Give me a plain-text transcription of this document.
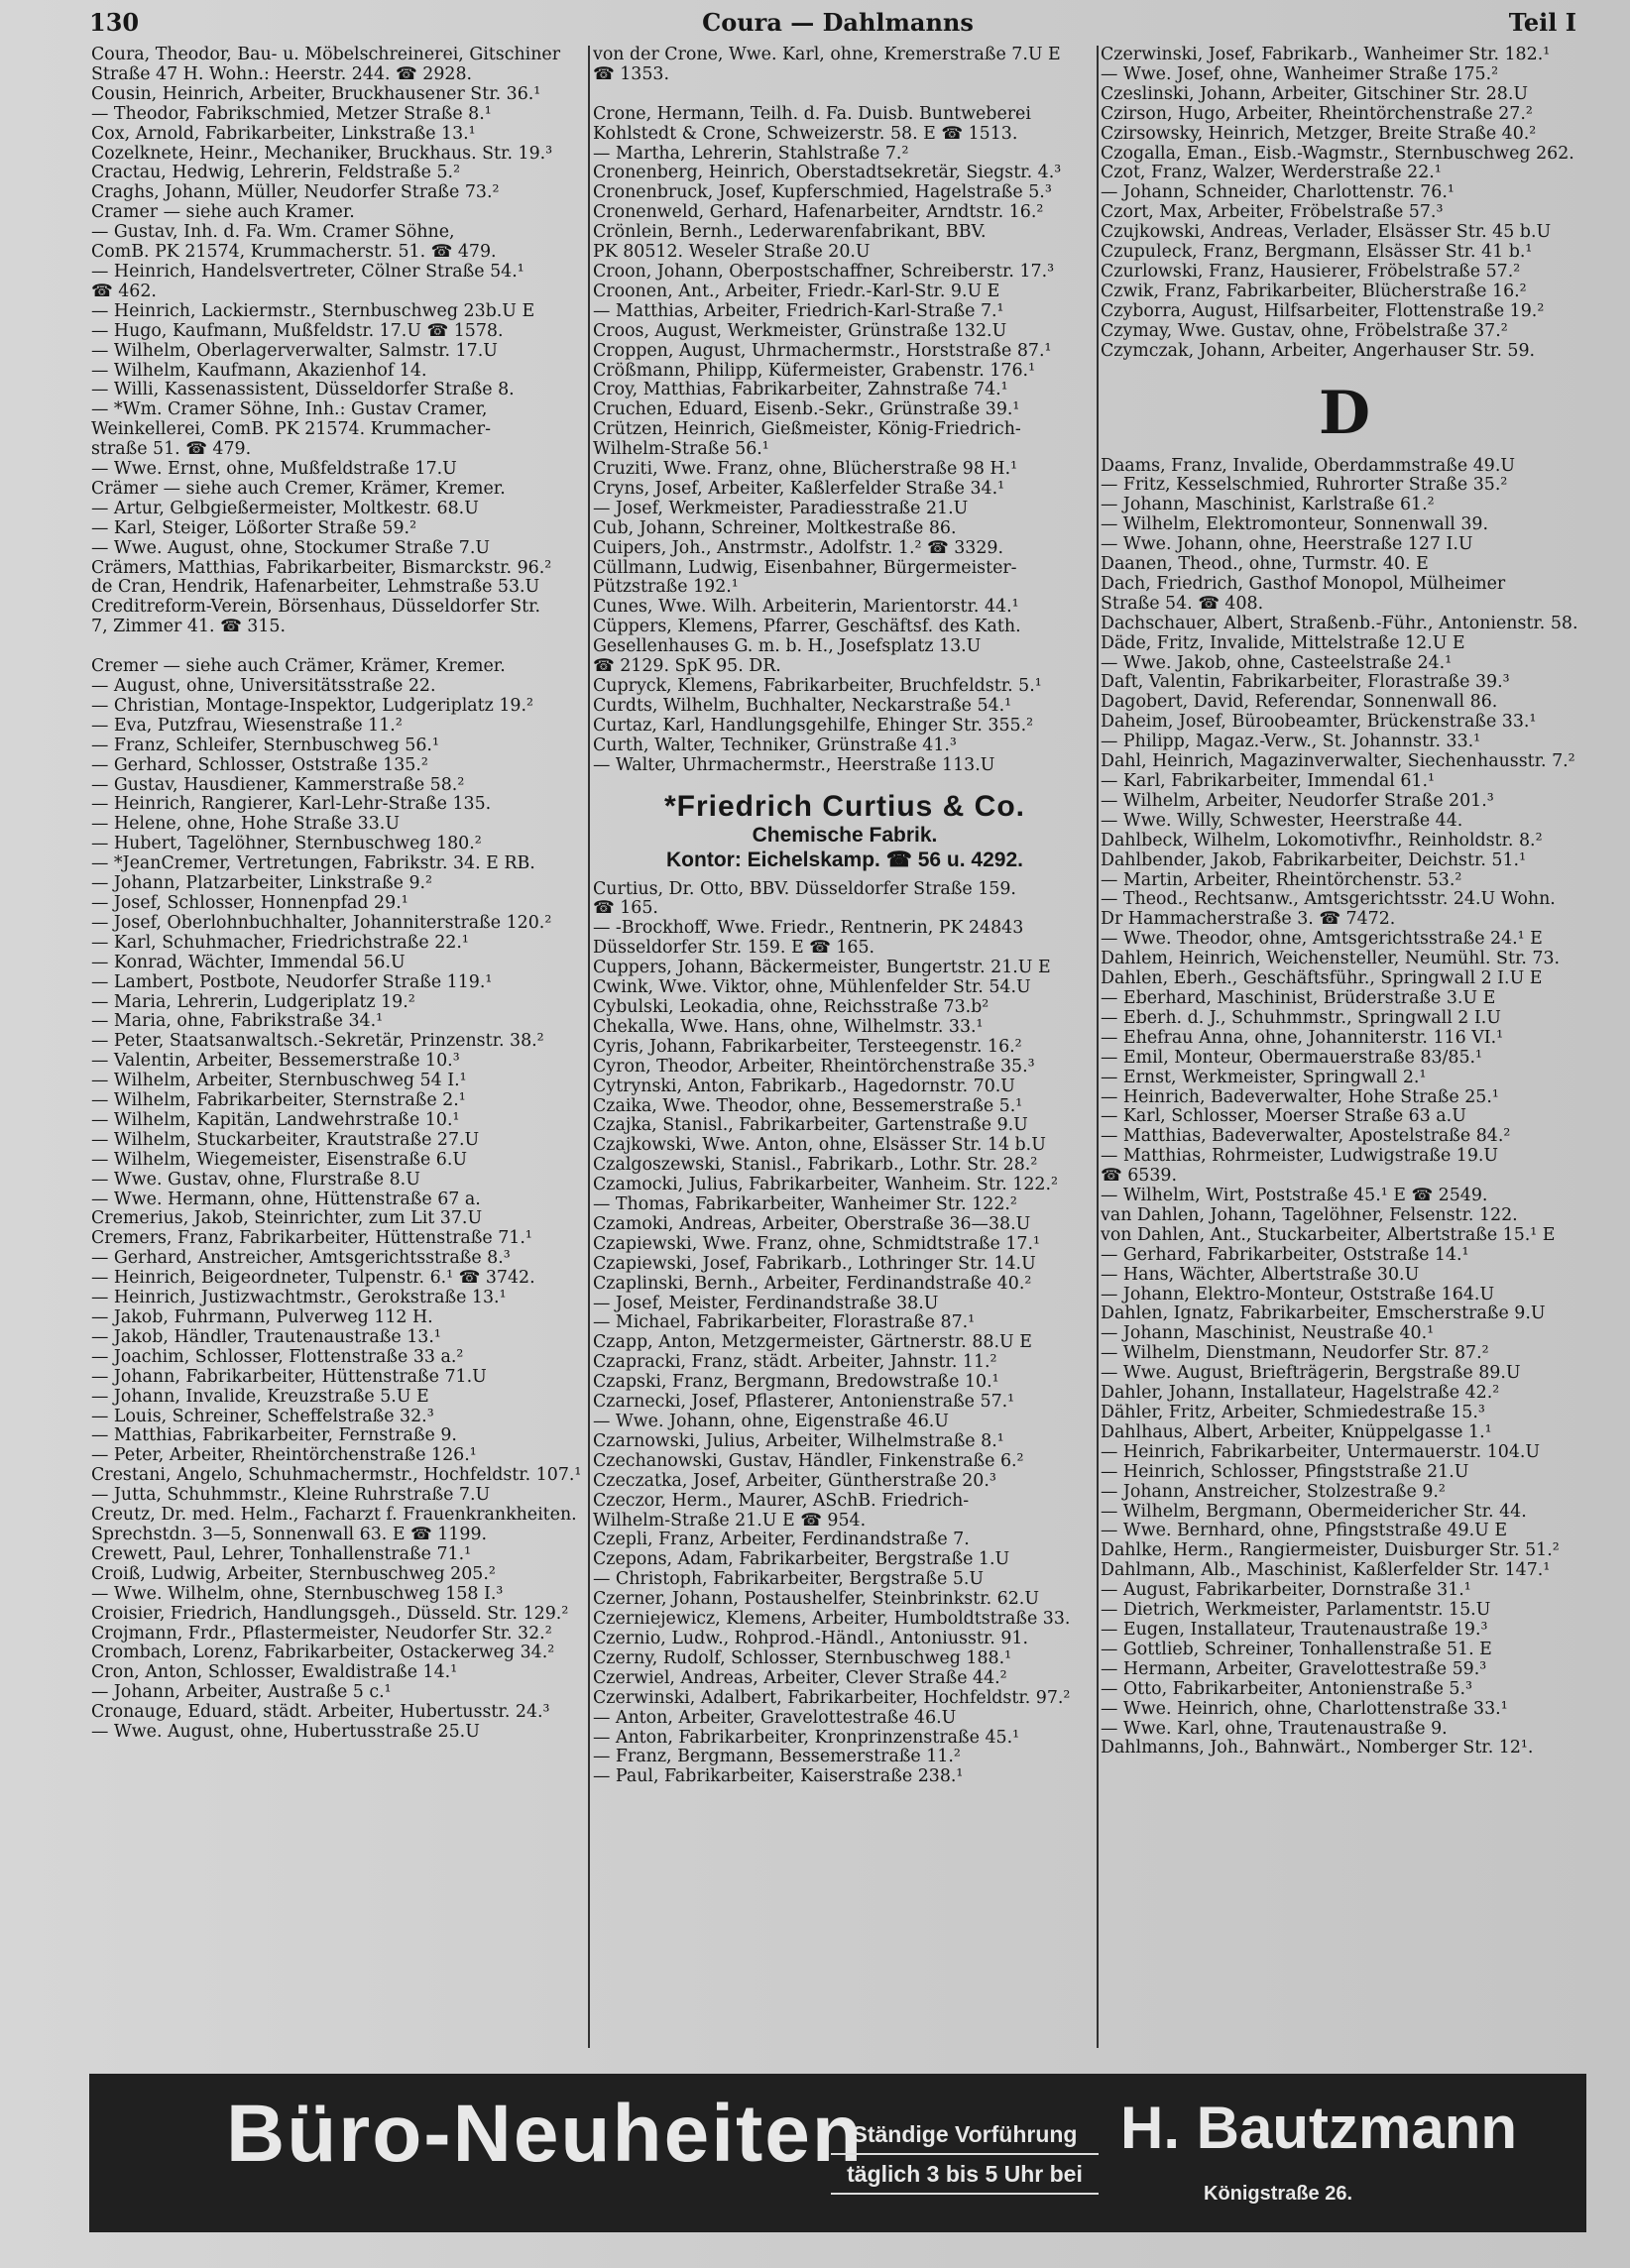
130	Coura — Dahlmanns	Teil I
Coura, Theodor, Bau- u. Möbelschreinerei, Gitschiner
Straße 47 H. Wohn.: Heerstr. 244. ☎ 2928.
Cousin, Heinrich, Arbeiter, Bruckhausener Str. 36.¹
— Theodor, Fabrikschmied, Metzer Straße 8.¹
Cox, Arnold, Fabrikarbeiter, Linkstraße 13.¹
Cozelknete, Heinr., Mechaniker, Bruckhaus. Str. 19.³
Cractau, Hedwig, Lehrerin, Feldstraße 5.²
Craghs, Johann, Müller, Neudorfer Straße 73.²
Cramer — siehe auch Kramer.
— Gustav, Inh. d. Fa. Wm. Cramer Söhne,
ComB. PK 21574, Krummacherstr. 51. ☎ 479.
— Heinrich, Handelsvertreter, Cölner Straße 54.¹
☎ 462.
— Heinrich, Lackiermstr., Sternbuschweg 23b.U E
— Hugo, Kaufmann, Mußfeldstr. 17.U ☎ 1578.
— Wilhelm, Oberlagerverwalter, Salmstr. 17.U
— Wilhelm, Kaufmann, Akazienhof 14.
— Willi, Kassenassistent, Düsseldorfer Straße 8.
— *Wm. Cramer Söhne, Inh.: Gustav Cramer,
Weinkellerei, ComB. PK 21574. Krummacher-
straße 51. ☎ 479.
— Wwe. Ernst, ohne, Mußfeldstraße 17.U
Crämer — siehe auch Cremer, Krämer, Kremer.
— Artur, Gelbgießermeister, Moltkestr. 68.U
— Karl, Steiger, Lößorter Straße 59.²
— Wwe. August, ohne, Stockumer Straße 7.U
Crämers, Matthias, Fabrikarbeiter, Bismarckstr. 96.²
de Cran, Hendrik, Hafenarbeiter, Lehmstraße 53.U
Creditreform-Verein, Börsenhaus, Düsseldorfer Str.
7, Zimmer 41. ☎ 315.

Cremer — siehe auch Crämer, Krämer, Kremer.
— August, ohne, Universitätsstraße 22.
— Christian, Montage-Inspektor, Ludgeriplatz 19.²
— Eva, Putzfrau, Wiesenstraße 11.²
— Franz, Schleifer, Sternbuschweg 56.¹
— Gerhard, Schlosser, Oststraße 135.²
— Gustav, Hausdiener, Kammerstraße 58.²
— Heinrich, Rangierer, Karl-Lehr-Straße 135.
— Helene, ohne, Hohe Straße 33.U
— Hubert, Tagelöhner, Sternbuschweg 180.²
— *JeanCremer, Vertretungen, Fabrikstr. 34. E RB.
— Johann, Platzarbeiter, Linkstraße 9.²
— Josef, Schlosser, Honnenpfad 29.¹
— Josef, Oberlohnbuchhalter, Johanniterstraße 120.²
— Karl, Schuhmacher, Friedrichstraße 22.¹
— Konrad, Wächter, Immendal 56.U
— Lambert, Postbote, Neudorfer Straße 119.¹
— Maria, Lehrerin, Ludgeriplatz 19.²
— Maria, ohne, Fabrikstraße 34.¹
— Peter, Staatsanwaltsch.-Sekretär, Prinzenstr. 38.²
— Valentin, Arbeiter, Bessemerstraße 10.³
— Wilhelm, Arbeiter, Sternbuschweg 54 I.¹
— Wilhelm, Fabrikarbeiter, Sternstraße 2.¹
— Wilhelm, Kapitän, Landwehrstraße 10.¹
— Wilhelm, Stuckarbeiter, Krautstraße 27.U
— Wilhelm, Wiegemeister, Eisenstraße 6.U
— Wwe. Gustav, ohne, Flurstraße 8.U
— Wwe. Hermann, ohne, Hüttenstraße 67 a.
Cremerius, Jakob, Steinrichter, zum Lit 37.U
Cremers, Franz, Fabrikarbeiter, Hüttenstraße 71.¹
— Gerhard, Anstreicher, Amtsgerichtsstraße 8.³
— Heinrich, Beigeordneter, Tulpenstr. 6.¹ ☎ 3742.
— Heinrich, Justizwachtmstr., Gerokstraße 13.¹
— Jakob, Fuhrmann, Pulverweg 112 H.
— Jakob, Händler, Trautenaustraße 13.¹
— Joachim, Schlosser, Flottenstraße 33 a.²
— Johann, Fabrikarbeiter, Hüttenstraße 71.U
— Johann, Invalide, Kreuzstraße 5.U E
— Louis, Schreiner, Scheffelstraße 32.³
— Matthias, Fabrikarbeiter, Fernstraße 9.
— Peter, Arbeiter, Rheintörchenstraße 126.¹
Crestani, Angelo, Schuhmachermstr., Hochfeldstr. 107.¹
— Jutta, Schuhmmstr., Kleine Ruhrstraße 7.U
Creutz, Dr. med. Helm., Facharzt f. Frauenkrankheiten.
Sprechstdn. 3—5, Sonnenwall 63. E ☎ 1199.
Crewett, Paul, Lehrer, Tonhallenstraße 71.¹
Croiß, Ludwig, Arbeiter, Sternbuschweg 205.²
— Wwe. Wilhelm, ohne, Sternbuschweg 158 I.³
Croisier, Friedrich, Handlungsgeh., Düsseld. Str. 129.²
Crojmann, Frdr., Pflastermeister, Neudorfer Str. 32.²
Crombach, Lorenz, Fabrikarbeiter, Ostackerweg 34.²
Cron, Anton, Schlosser, Ewaldistraße 14.¹
— Johann, Arbeiter, Austraße 5 c.¹
Cronauge, Eduard, städt. Arbeiter, Hubertusstr. 24.³
— Wwe. August, ohne, Hubertusstraße 25.U
von der Crone, Wwe. Karl, ohne, Kremerstraße 7.U E
☎ 1353.

Crone, Hermann, Teilh. d. Fa. Duisb. Buntweberei
Kohlstedt & Crone, Schweizerstr. 58. E ☎ 1513.
— Martha, Lehrerin, Stahlstraße 7.²
Cronenberg, Heinrich, Oberstadtsekretär, Siegstr. 4.³
Cronenbruck, Josef, Kupferschmied, Hagelstraße 5.³
Cronenweld, Gerhard, Hafenarbeiter, Arndtstr. 16.²
Crönlein, Bernh., Lederwarenfabrikant, BBV.
PK 80512. Weseler Straße 20.U
Croon, Johann, Oberpostschaffner, Schreiberstr. 17.³
Croonen, Ant., Arbeiter, Friedr.-Karl-Str. 9.U E
— Matthias, Arbeiter, Friedrich-Karl-Straße 7.¹
Croos, August, Werkmeister, Grünstraße 132.U
Croppen, August, Uhrmachermstr., Horststraße 87.¹
Crößmann, Philipp, Küfermeister, Grabenstr. 176.¹
Croy, Matthias, Fabrikarbeiter, Zahnstraße 74.¹
Cruchen, Eduard, Eisenb.-Sekr., Grünstraße 39.¹
Crützen, Heinrich, Gießmeister, König-Friedrich-
Wilhelm-Straße 56.¹
Cruziti, Wwe. Franz, ohne, Blücherstraße 98 H.¹
Cryns, Josef, Arbeiter, Kaßlerfelder Straße 34.¹
— Josef, Werkmeister, Paradiesstraße 21.U
Cub, Johann, Schreiner, Moltkestraße 86.
Cuipers, Joh., Anstrmstr., Adolfstr. 1.² ☎ 3329.
Cüllmann, Ludwig, Eisenbahner, Bürgermeister-
Pützstraße 192.¹
Cunes, Wwe. Wilh. Arbeiterin, Marientorstr. 44.¹
Cüppers, Klemens, Pfarrer, Geschäftsf. des Kath.
Gesellenhauses G. m. b. H., Josefsplatz 13.U
☎ 2129. SpK 95. DR.
Cupryck, Klemens, Fabrikarbeiter, Bruchfeldstr. 5.¹
Curdts, Wilhelm, Buchhalter, Neckarstraße 54.¹
Curtaz, Karl, Handlungsgehilfe, Ehinger Str. 355.²
Curth, Walter, Techniker, Grünstraße 41.³
— Walter, Uhrmachermstr., Heerstraße 113.U
*Friedrich Curtius & Co.
Chemische Fabrik.
Kontor: Eichelskamp. ☎ 56 u. 4292.
Curtius, Dr. Otto, BBV. Düsseldorfer Straße 159.
☎ 165.
— -Brockhoff, Wwe. Friedr., Rentnerin, PK 24843
Düsseldorfer Str. 159. E ☎ 165.
Cuppers, Johann, Bäckermeister, Bungertstr. 21.U E
Cwink, Wwe. Viktor, ohne, Mühlenfelder Str. 54.U
Cybulski, Leokadia, ohne, Reichsstraße 73.b²
Chekalla, Wwe. Hans, ohne, Wilhelmstr. 33.¹
Cyris, Johann, Fabrikarbeiter, Tersteegenstr. 16.²
Cyron, Theodor, Arbeiter, Rheintörchenstraße 35.³
Cytrynski, Anton, Fabrikarb., Hagedornstr. 70.U
Czaika, Wwe. Theodor, ohne, Bessemerstraße 5.¹
Czajka, Stanisl., Fabrikarbeiter, Gartenstraße 9.U
Czajkowski, Wwe. Anton, ohne, Elsässer Str. 14 b.U
Czalgoszewski, Stanisl., Fabrikarb., Lothr. Str. 28.²
Czamocki, Julius, Fabrikarbeiter, Wanheim. Str. 122.²
— Thomas, Fabrikarbeiter, Wanheimer Str. 122.²
Czamoki, Andreas, Arbeiter, Oberstraße 36—38.U
Czapiewski, Wwe. Franz, ohne, Schmidtstraße 17.¹
Czapiewski, Josef, Fabrikarb., Lothringer Str. 14.U
Czaplinski, Bernh., Arbeiter, Ferdinandstraße 40.²
— Josef, Meister, Ferdinandstraße 38.U
— Michael, Fabrikarbeiter, Florastraße 87.¹
Czapp, Anton, Metzgermeister, Gärtnerstr. 88.U E
Czapracki, Franz, städt. Arbeiter, Jahnstr. 11.²
Czapski, Franz, Bergmann, Bredowstraße 10.¹
Czarnecki, Josef, Pflasterer, Antonienstraße 57.¹
— Wwe. Johann, ohne, Eigenstraße 46.U
Czarnowski, Julius, Arbeiter, Wilhelmstraße 8.¹
Czechanowski, Gustav, Händler, Finkenstraße 6.²
Czeczatka, Josef, Arbeiter, Güntherstraße 20.³
Czeczor, Herm., Maurer, ASchB. Friedrich-
Wilhelm-Straße 21.U E ☎ 954.
Czepli, Franz, Arbeiter, Ferdinandstraße 7.
Czepons, Adam, Fabrikarbeiter, Bergstraße 1.U
— Christoph, Fabrikarbeiter, Bergstraße 5.U
Czerner, Johann, Postaushelfer, Steinbrinkstr. 62.U
Czerniejewicz, Klemens, Arbeiter, Humboldtstraße 33.
Czernio, Ludw., Rohprod.-Händl., Antoniusstr. 91.
Czerny, Rudolf, Schlosser, Sternbuschweg 188.¹
Czerwiel, Andreas, Arbeiter, Clever Straße 44.²
Czerwinski, Adalbert, Fabrikarbeiter, Hochfeldstr. 97.²
— Anton, Arbeiter, Gravelottestraße 46.U
— Anton, Fabrikarbeiter, Kronprinzenstraße 45.¹
— Franz, Bergmann, Bessemerstraße 11.²
— Paul, Fabrikarbeiter, Kaiserstraße 238.¹
Czerwinski, Josef, Fabrikarb., Wanheimer Str. 182.¹
— Wwe. Josef, ohne, Wanheimer Straße 175.²
Czeslinski, Johann, Arbeiter, Gitschiner Str. 28.U
Czirson, Hugo, Arbeiter, Rheintörchenstraße 27.²
Czirsowsky, Heinrich, Metzger, Breite Straße 40.²
Czogalla, Eman., Eisb.-Wagmstr., Sternbuschweg 262.
Czot, Franz, Walzer, Werderstraße 22.¹
— Johann, Schneider, Charlottenstr. 76.¹
Czort, Max, Arbeiter, Fröbelstraße 57.³
Czujkowski, Andreas, Verlader, Elsässer Str. 45 b.U
Czupuleck, Franz, Bergmann, Elsässer Str. 41 b.¹
Czurlowski, Franz, Hausierer, Fröbelstraße 57.²
Czwik, Franz, Fabrikarbeiter, Blücherstraße 16.²
Czyborra, August, Hilfsarbeiter, Flottenstraße 19.²
Czymay, Wwe. Gustav, ohne, Fröbelstraße 37.²
Czymczak, Johann, Arbeiter, Angerhauser Str. 59.
D
Daams, Franz, Invalide, Oberdammstraße 49.U
— Fritz, Kesselschmied, Ruhrorter Straße 35.²
— Johann, Maschinist, Karlstraße 61.²
— Wilhelm, Elektromonteur, Sonnenwall 39.
— Wwe. Johann, ohne, Heerstraße 127 I.U
Daanen, Theod., ohne, Turmstr. 40. E
Dach, Friedrich, Gasthof Monopol, Mülheimer
Straße 54. ☎ 408.
Dachschauer, Albert, Straßenb.-Führ., Antonienstr. 58.
Däde, Fritz, Invalide, Mittelstraße 12.U E
— Wwe. Jakob, ohne, Casteelstraße 24.¹
Daft, Valentin, Fabrikarbeiter, Florastraße 39.³
Dagobert, David, Referendar, Sonnenwall 86.
Daheim, Josef, Büroobeamter, Brückenstraße 33.¹
— Philipp, Magaz.-Verw., St. Johannstr. 33.¹
Dahl, Heinrich, Magazinverwalter, Siechenhausstr. 7.²
— Karl, Fabrikarbeiter, Immendal 61.¹
— Wilhelm, Arbeiter, Neudorfer Straße 201.³
— Wwe. Willy, Schwester, Heerstraße 44.
Dahlbeck, Wilhelm, Lokomotivfhr., Reinholdstr. 8.²
Dahlbender, Jakob, Fabrikarbeiter, Deichstr. 51.¹
— Martin, Arbeiter, Rheintörchenstr. 53.²
— Theod., Rechtsanw., Amtsgerichtsstr. 24.U Wohn.
Dr Hammacherstraße 3. ☎ 7472.
— Wwe. Theodor, ohne, Amtsgerichtsstraße 24.¹ E
Dahlem, Heinrich, Weichensteller, Neumühl. Str. 73.
Dahlen, Eberh., Geschäftsführ., Springwall 2 I.U E
— Eberhard, Maschinist, Brüderstraße 3.U E
— Eberh. d. J., Schuhmmstr., Springwall 2 I.U
— Ehefrau Anna, ohne, Johanniterstr. 116 VI.¹
— Emil, Monteur, Obermauerstraße 83/85.¹
— Ernst, Werkmeister, Springwall 2.¹
— Heinrich, Badeverwalter, Hohe Straße 25.¹
— Karl, Schlosser, Moerser Straße 63 a.U
— Matthias, Badeverwalter, Apostelstraße 84.²
— Matthias, Rohrmeister, Ludwigstraße 19.U
☎ 6539.
— Wilhelm, Wirt, Poststraße 45.¹ E ☎ 2549.
van Dahlen, Johann, Tagelöhner, Felsenstr. 122.
von Dahlen, Ant., Stuckarbeiter, Albertstraße 15.¹ E
— Gerhard, Fabrikarbeiter, Oststraße 14.¹
— Hans, Wächter, Albertstraße 30.U
— Johann, Elektro-Monteur, Oststraße 164.U
Dahlen, Ignatz, Fabrikarbeiter, Emscherstraße 9.U
— Johann, Maschinist, Neustraße 40.¹
— Wilhelm, Dienstmann, Neudorfer Str. 87.²
— Wwe. August, Briefträgerin, Bergstraße 89.U
Dahler, Johann, Installateur, Hagelstraße 42.²
Dähler, Fritz, Arbeiter, Schmiedestraße 15.³
Dahlhaus, Albert, Arbeiter, Knüppelgasse 1.¹
— Heinrich, Fabrikarbeiter, Untermauerstr. 104.U
— Heinrich, Schlosser, Pfingststraße 21.U
— Johann, Anstreicher, Stolzestraße 9.²
— Wilhelm, Bergmann, Obermeidericher Str. 44.
— Wwe. Bernhard, ohne, Pfingststraße 49.U E
Dahlke, Herm., Rangiermeister, Duisburger Str. 51.²
Dahlmann, Alb., Maschinist, Kaßlerfelder Str. 147.¹
— August, Fabrikarbeiter, Dornstraße 31.¹
— Dietrich, Werkmeister, Parlamentstr. 15.U
— Eugen, Installateur, Trautenaustraße 19.³
— Gottlieb, Schreiner, Tonhallenstraße 51. E
— Hermann, Arbeiter, Gravelottestraße 59.³
— Otto, Fabrikarbeiter, Antonienstraße 5.³
— Wwe. Heinrich, ohne, Charlottenstraße 33.¹
— Wwe. Karl, ohne, Trautenaustraße 9.
Dahlmanns, Joh., Bahnwärt., Nomberger Str. 12¹.
Büro-Neuheiten
Ständige Vorführung
täglich 3 bis 5 Uhr bei
H. Bautzmann
Königstraße 26.
